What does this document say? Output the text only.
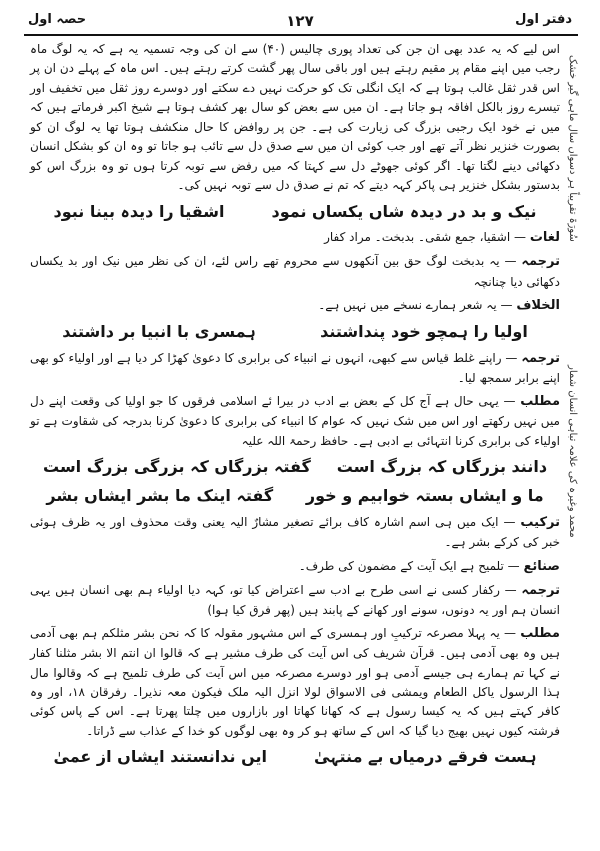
حصہ اول	۱۲۷	دفتر اول
سُورَۃ تقریباً ہر دسواں سال ماہی گیر خشک
محمد وغیرہ کی علامہ تباہی انسان شمار

اس لیے کہ یہ عدد بھی ان جن کی تعداد پوری چالیس (۴۰) سے ان کی وجہ تسمیہ یہ ہے کہ یہ لوگ ماہ رجب میں اپنے مقام پر مقیم رہتے ہیں اور باقی سال پھر گشت کرتے رہتے ہیں۔ اس ماہ کے پہلے دن ان پر اس قدر ثقل غالب ہوتا ہے کہ ایک انگلی تک کو حرکت نہیں دے سکتے اور دوسرے روز ثقل میں تخفیف اور تیسرے روز بالکل افاقہ ہو جاتا ہے۔ ان میں سے بعض کو سال بھر کشف ہوتا ہے شیخ اکبر فرماتے ہیں کہ میں نے خود ایک رجبی بزرگ کی زیارت کی ہے۔ جن پر روافض کا حال منکشف ہوتا تھا یہ لوگ ان کو بصورت خنزیر نظر آتے تھے اور جب کوئی ان میں سے صدق دل سے تائب ہو جاتا تو وہ ان کو بشکل انسان دکھائی دینے لگتا تھا۔ اگر کوئی جھوٹے دل سے کہتا کہ میں رفض سے توبہ کرتا ہوں تو وہ بزرگ اس کو بدستور بشکل خنزیر ہی پاکر کہہ دیتے کہ تم نے صدق دل سے توبہ نہیں کی۔

اشقیا را دیدہ بینا نبود	نیک و بد در دیدہ شاں یکساں نمود

لغات — اشقیا، جمع شقی۔ بدبخت۔ مراد کفار

ترجمہ — یہ بدبخت لوگ حق بین آنکھوں سے محروم تھے راس لئے، ان کی نظر میں نیک اور بد یکساں دکھائی دیا چنانچہ

الخلاف — یہ شعر ہمارے نسخے میں نہیں ہے۔

ہمسری با انبیا بر داشتند	اولیا را ہمچو خود پنداشتند

ترجمہ — راپنے غلط قیاس سے کبھی، انہوں نے انبیاء کی برابری کا دعویٰ کھڑا کر دیا ہے اور اولیاء کو بھی اپنے برابر سمجھ لیا۔

مطلب — یہی حال ہے آج کل کے بعض بے ادب در بیرا ئے اسلامی فرقوں کا جو اولیا کی وقعت اپنے دل میں نہیں رکھتے اور اس میں شک نہیں کہ عوام کا انبیاء کی برابری کا دعویٰ کرنا بدرجہ کی شقاوت ہے تو اولیاء کی برابری کرنا انتہائی بے ادبی ہے۔ حافظ رحمۃ اللہ علیہ

گفتہ بزرگاں کہ بزرگی بزرگ است دانند بزرگاں کہ بزرگ است
گفتہ اینک ما بشر ایشاں بشر ما و ایشاں بستہ خوابیم و خور

ترکیب — ایک میں ہی اسم اشارہ کاف برائے تصغیر مشارٌ الیہ یعنی وقت محذوف اور یہ ظرف ہوئی خبر کی کرکے بشر ہے۔

صنائع — تلمیح ہے ایک آیت کے مضمون کی طرف۔

ترجمہ — رکفار کسی نے اسی طرح بے ادب سے اعتراض کیا تو، کہہ دیا اولیاء ہم بھی انسان ہیں یہی انسان ہم اور یہ دونوں، سونے اور کھانے کے پابند ہیں (پھر فرق کیا ہوا)

مطلب — یہ پہلا مصرعہ ترکیبِ اور ہمسری کے اس مشہور مقولہ کا کہ نحن بشر مثلکم ہم بھی آدمی ہیں وہ بھی آدمی ہیں۔ قرآن شریف کی اس آیت کی طرف مشیر ہے کہ قالوا ان انتم الا بشر مثلنا کفار نے کہا تم ہمارے ہی جیسے آدمی ہو اور دوسرے مصرعہ میں اس آیت کی طرف تلمیح ہے کہ وقالوا مال ہذا الرسول یاکل الطعام ویمشی فی الاسواق لولا انزل الیہ ملک فیکون معہ نذیرا۔ رفرقان ۱۸، اور وہ کافر کہتے ہیں کہ یہ کیسا رسول ہے کہ کھانا کھاتا اور بازاروں میں چلتا پھرتا ہے۔ اس کے پاس کوئی فرشتہ کیوں نہیں بھیج دیا گیا کہ اس کے ساتھ ہو کر وہ بھی لوگوں کو خدا کے عذاب سے ڈراتا۔

ایں ندانستند ایشاں از عمیٰ	ہست فرقے درمیاں بے منتہیٰ
